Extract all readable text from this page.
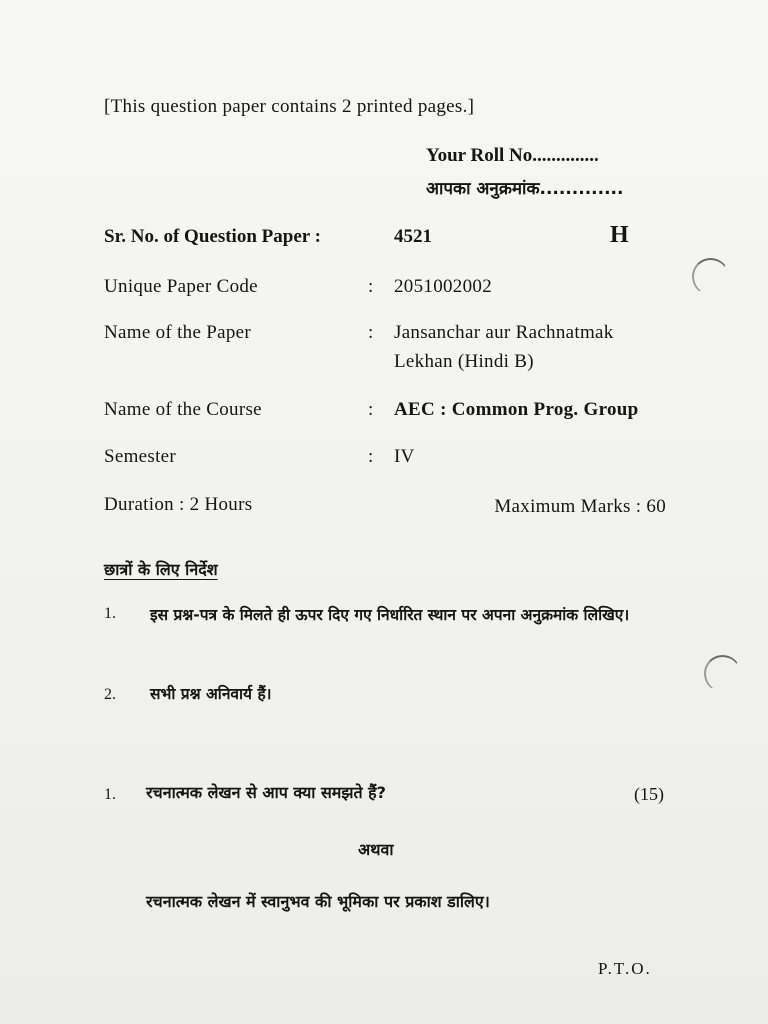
[This question paper contains 2 printed pages.]
Your Roll No..............
आपका अनुक्रमांक.............
Sr. No. of Question Paper :	4521	H
Unique Paper Code	: 2051002002
Name of the Paper	: Jansanchar aur Rachnatmak
Lekhan (Hindi B)
Name of the Course	: AEC : Common Prog. Group
Semester	: IV
Duration : 2 Hours	Maximum Marks : 60
छात्रों के लिए निर्देश
1. इस प्रश्न-पत्र के मिलते ही ऊपर दिए गए निर्धारित स्थान पर अपना अनुक्रमांक लिखिए।
2. सभी प्रश्न अनिवार्य हैं।
1. रचनात्मक लेखन से आप क्या समझते हैं?	(15)
अथवा
रचनात्मक लेखन में स्वानुभव की भूमिका पर प्रकाश डालिए।
P.T.O.
